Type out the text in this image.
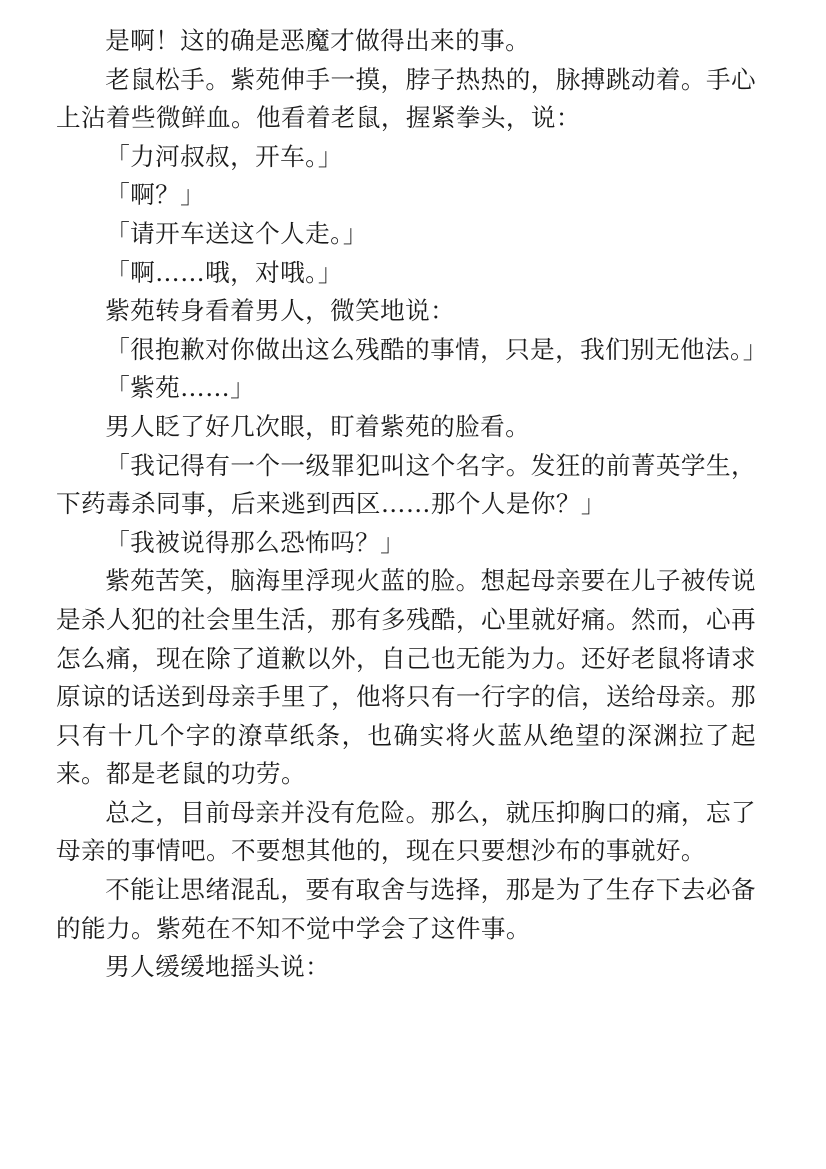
是啊！这的确是恶魔才做得出来的事。

老鼠松手。紫苑伸手一摸，脖子热热的，脉搏跳动着。手心上沾着些微鲜血。他看着老鼠，握紧拳头，说：

「力河叔叔，开车。」

「啊？」

「请开车送这个人走。」

「啊……哦，对哦。」

紫苑转身看着男人，微笑地说：

「很抱歉对你做出这么残酷的事情，只是，我们别无他法。」

「紫苑……」

男人眨了好几次眼，盯着紫苑的脸看。

「我记得有一个一级罪犯叫这个名字。发狂的前菁英学生，下药毒杀同事，后来逃到西区……那个人是你？」

「我被说得那么恐怖吗？」

紫苑苦笑，脑海里浮现火蓝的脸。想起母亲要在儿子被传说是杀人犯的社会里生活，那有多残酷，心里就好痛。然而，心再怎么痛，现在除了道歉以外，自己也无能为力。还好老鼠将请求原谅的话送到母亲手里了，他将只有一行字的信，送给母亲。那只有十几个字的潦草纸条，也确实将火蓝从绝望的深渊拉了起来。都是老鼠的功劳。

总之，目前母亲并没有危险。那么，就压抑胸口的痛，忘了母亲的事情吧。不要想其他的，现在只要想沙布的事就好。

不能让思绪混乱，要有取舍与选择，那是为了生存下去必备的能力。紫苑在不知不觉中学会了这件事。

男人缓缓地摇头说：
